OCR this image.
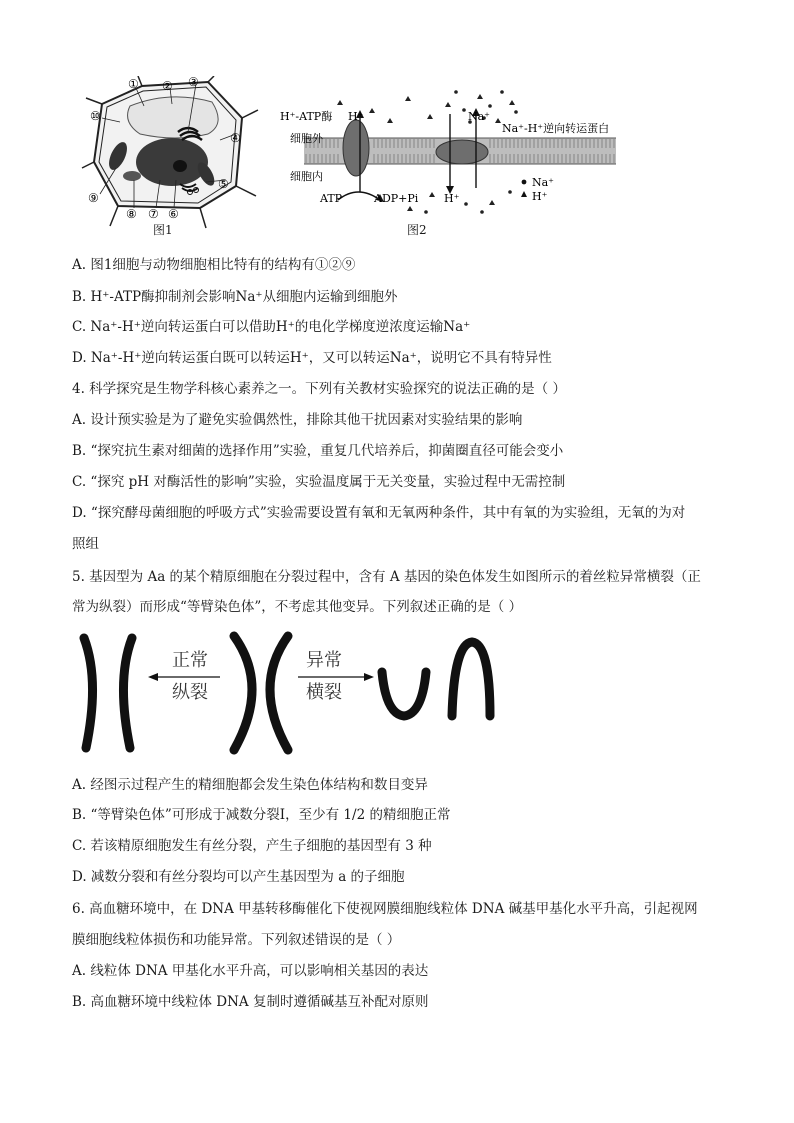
① ② ③
④
⑤
⑥
⑦
⑧
⑨
⑩
图1
H⁺-ATP酶
细胞外
细胞内
H⁺	Na⁺
Na⁺-H⁺逆向转运蛋白
ATP	ADP+Pi H⁺
Na⁺
H⁺
图2
A. 图1细胞与动物细胞相比特有的结构有①②⑨
B. H⁺-ATP酶抑制剂会影响Na⁺从细胞内运输到细胞外
C. Na⁺-H⁺逆向转运蛋白可以借助H⁺的电化学梯度逆浓度运输Na⁺
D. Na⁺-H⁺逆向转运蛋白既可以转运H⁺，又可以转运Na⁺，说明它不具有特异性
4. 科学探究是生物学科核心素养之一。下列有关教材实验探究的说法正确的是（ ）
A. 设计预实验是为了避免实验偶然性，排除其他干扰因素对实验结果的影响
B. “探究抗生素对细菌的选择作用”实验，重复几代培养后，抑菌圈直径可能会变小
C. “探究 pH 对酶活性的影响”实验，实验温度属于无关变量，实验过程中无需控制
D. “探究酵母菌细胞的呼吸方式”实验需要设置有氧和无氧两种条件，其中有氧的为实验组，无氧的为对
照组
5. 基因型为 Aa 的某个精原细胞在分裂过程中，含有 A 基因的染色体发生如图所示的着丝粒异常横裂（正
常为纵裂）而形成“等臂染色体”，不考虑其他变异。下列叙述正确的是（ ）
正常
纵裂
异常
横裂
A. 经图示过程产生的精细胞都会发生染色体结构和数目变异
B. “等臂染色体”可形成于减数分裂Ⅰ，至少有 1/2 的精细胞正常
C. 若该精原细胞发生有丝分裂，产生子细胞的基因型有 3 种
D. 减数分裂和有丝分裂均可以产生基因型为 a 的子细胞
6. 高血糖环境中，在 DNA 甲基转移酶催化下使视网膜细胞线粒体 DNA 碱基甲基化水平升高，引起视网
膜细胞线粒体损伤和功能异常。下列叙述错误的是（ ）
A. 线粒体 DNA 甲基化水平升高，可以影响相关基因的表达
B. 高血糖环境中线粒体 DNA 复制时遵循碱基互补配对原则
